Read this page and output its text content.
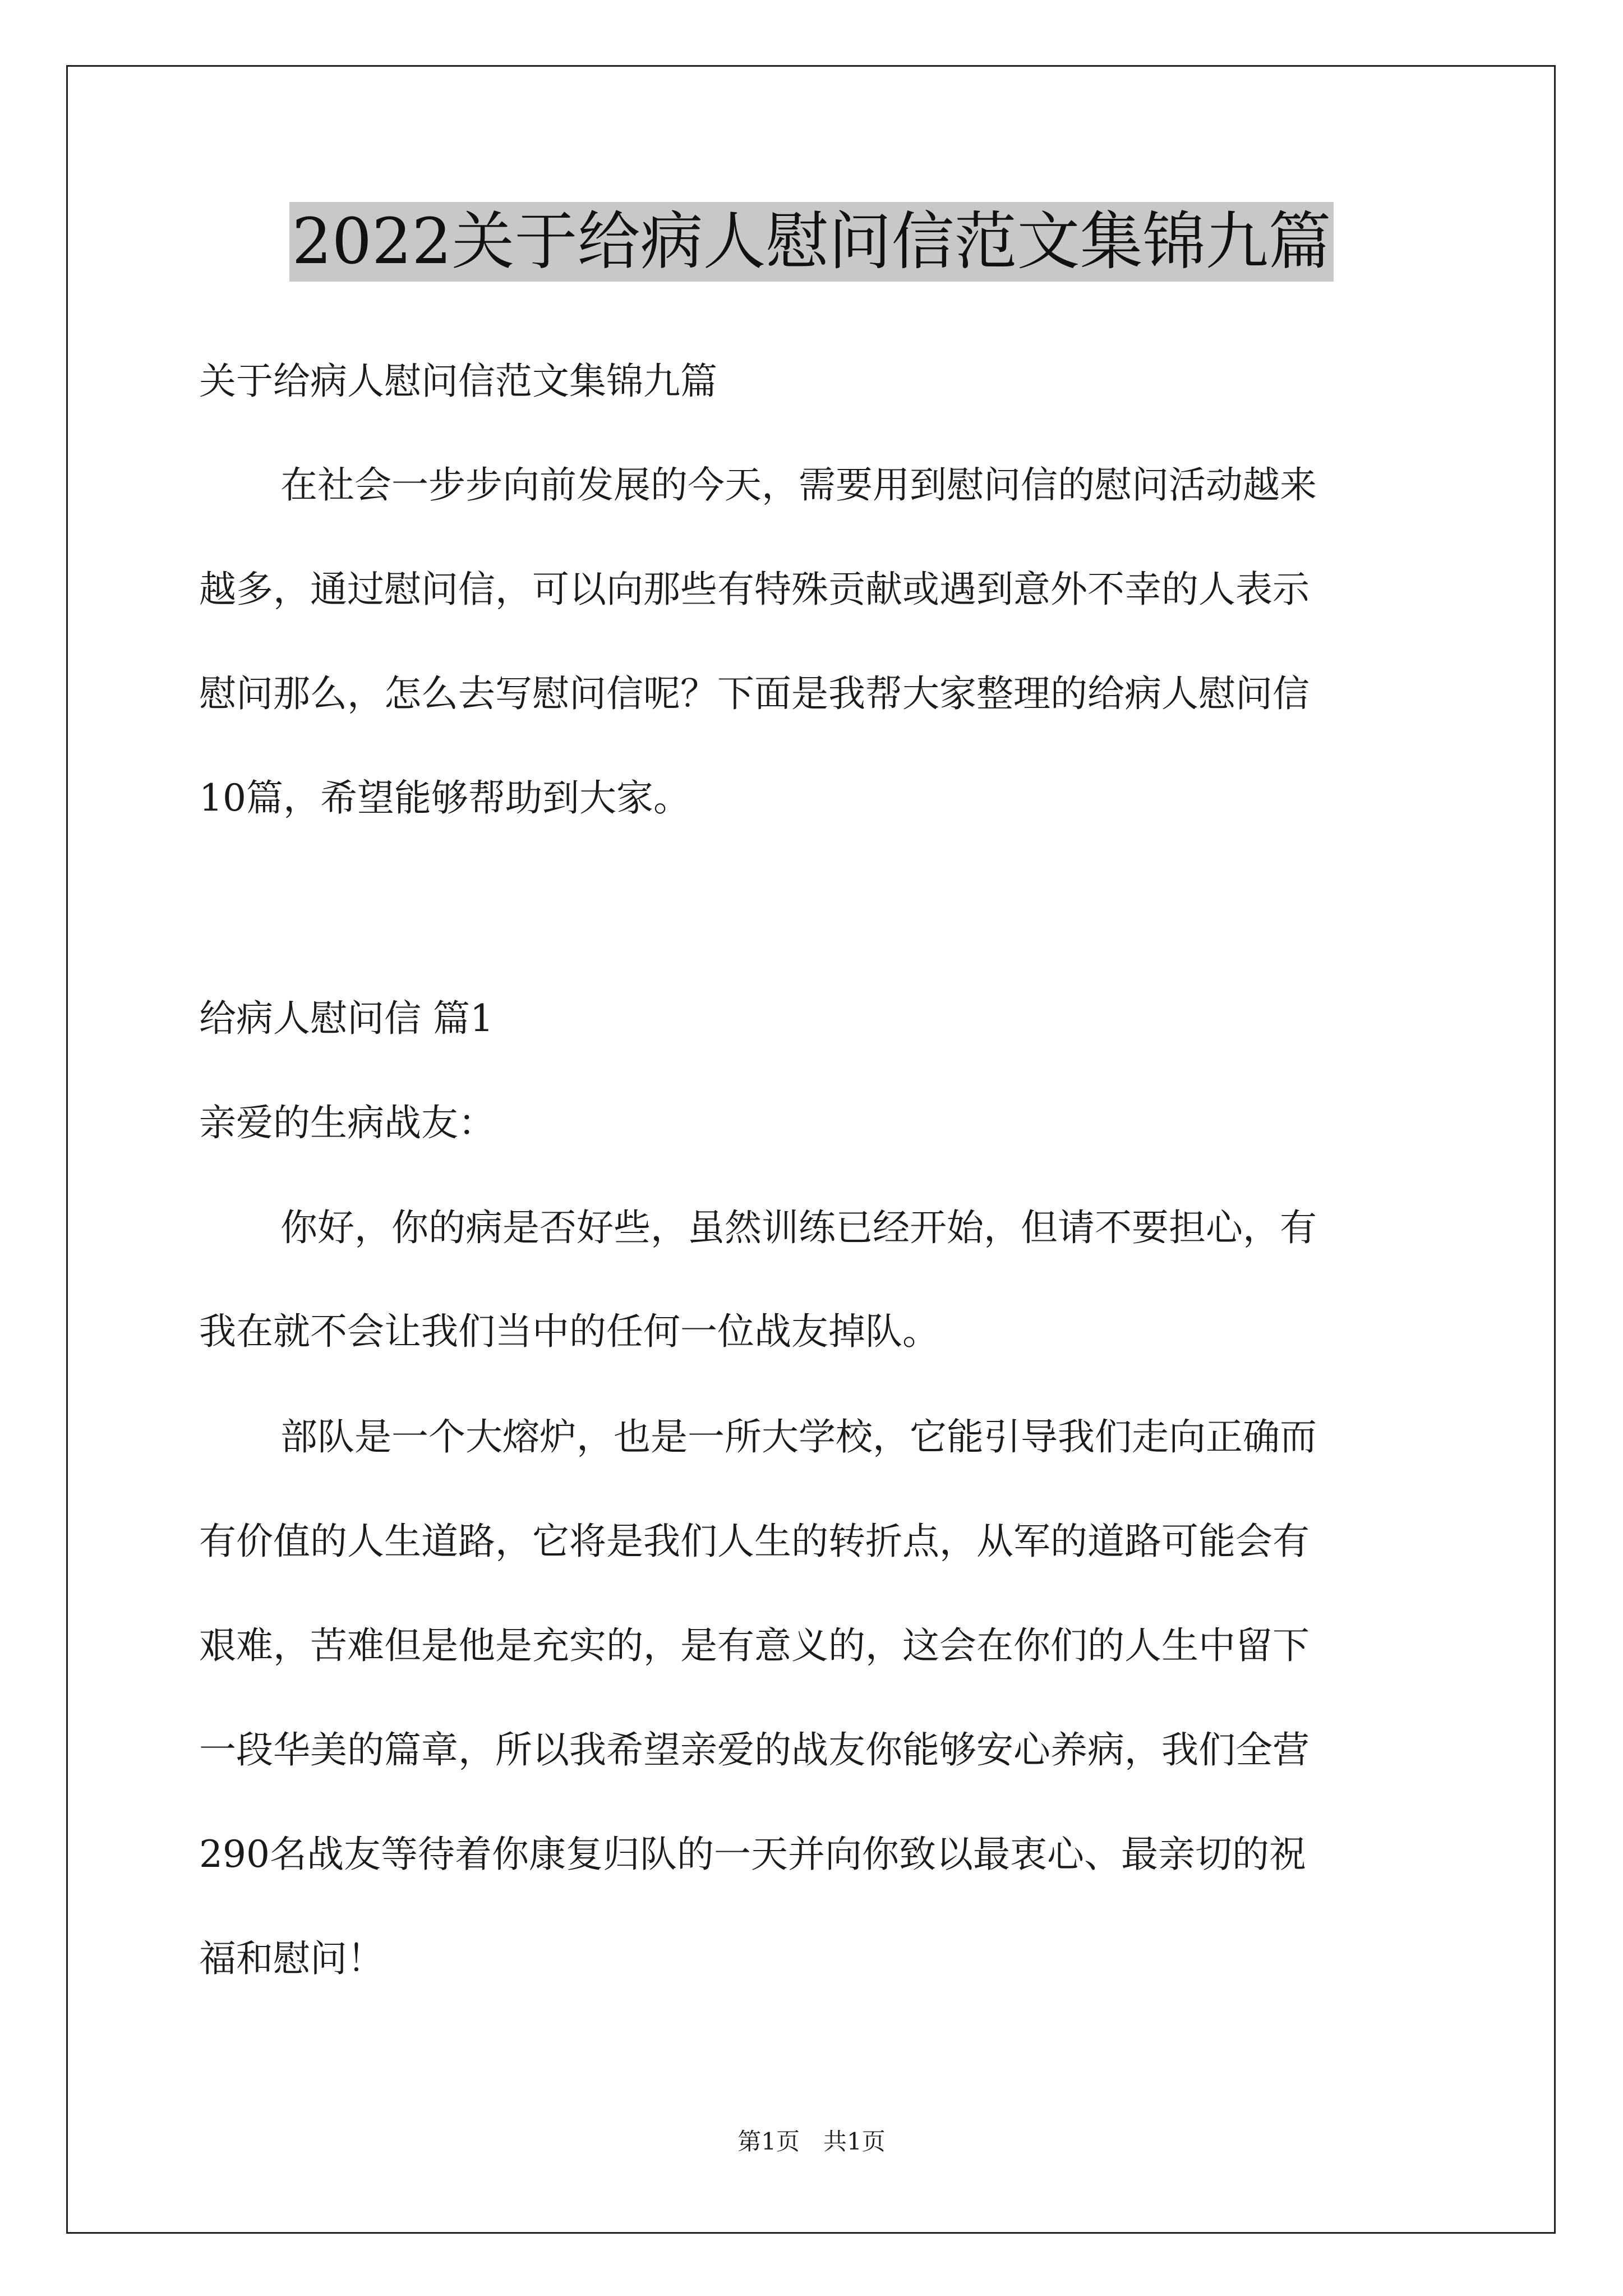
2022关于给病人慰问信范文集锦九篇
关于给病人慰问信范文集锦九篇
在社会一步步向前发展的今天，需要用到慰问信的慰问活动越来
越多，通过慰问信，可以向那些有特殊贡献或遇到意外不幸的人表示
慰问那么，怎么去写慰问信呢？下面是我帮大家整理的给病人慰问信
10篇，希望能够帮助到大家。
给病人慰问信 篇1
亲爱的生病战友：
你好，你的病是否好些，虽然训练已经开始，但请不要担心，有
我在就不会让我们当中的任何一位战友掉队。
部队是一个大熔炉，也是一所大学校，它能引导我们走向正确而
有价值的人生道路，它将是我们人生的转折点，从军的道路可能会有
艰难，苦难但是他是充实的，是有意义的，这会在你们的人生中留下
一段华美的篇章，所以我希望亲爱的战友你能够安心养病，我们全营
290名战友等待着你康复归队的一天并向你致以最衷心、最亲切的祝
福和慰问！
第1页　共1页
